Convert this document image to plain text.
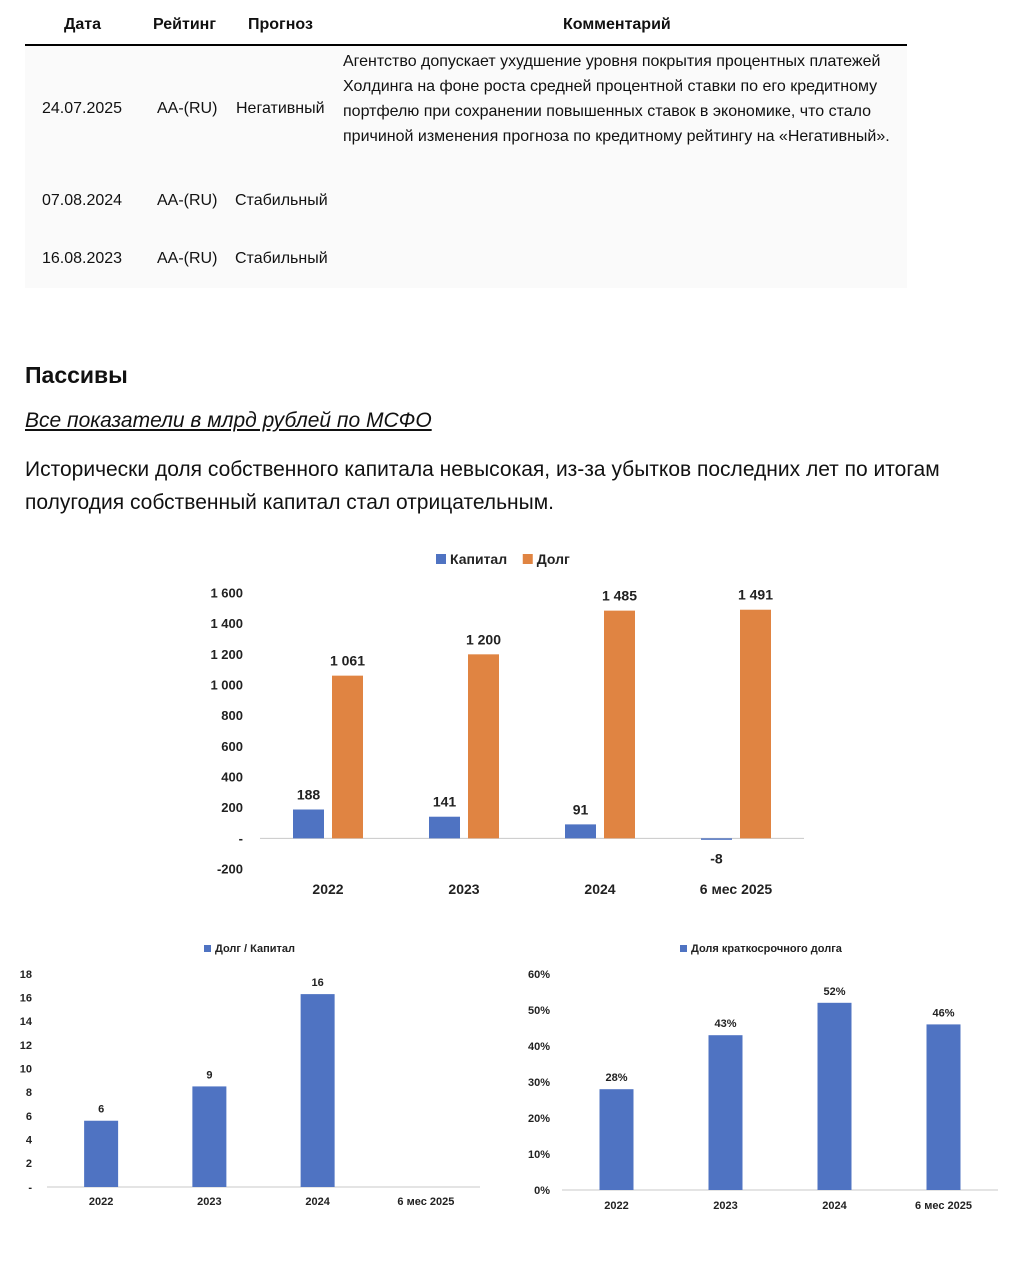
Дата	Рейтинг Прогноз	Комментарий
24.07.2025 AA-(RU) Негативный
Агентство допускает ухудшение уровня покрытия процентных платежей Холдинга на фоне роста средней процентной ставки по его кредитному портфелю при сохранении повышенных ставок в экономике, что стало причиной изменения прогноза по кредитному рейтингу на «Негативный».
07.08.2024 AA-(RU) Стабильный
16.08.2023 AA-(RU) Стабильный
Пассивы
Все показатели в млрд рублей по МСФО
Исторически доля собственного капитала невысокая, из-за убытков последних лет по итогам полугодия собственный капитал стал отрицательным.
Капитал Долг
-200
-
200
400
600
800
1 000
1 200
1 400
1 600
188
1 061
2022
141
1 200
2023
91
1 485
2024
-8
1 491
6 мес 2025
Долг / Капитал
-
2
4
6
8
10
12
14
16
18
6
2022
9
2023
16
2024	6 мес 2025
Доля краткосрочного долга
0%
10%
20%
30%
40%
50%
60%
28%
2022
43%
2023
52%
2024
46%
6 мес 2025
